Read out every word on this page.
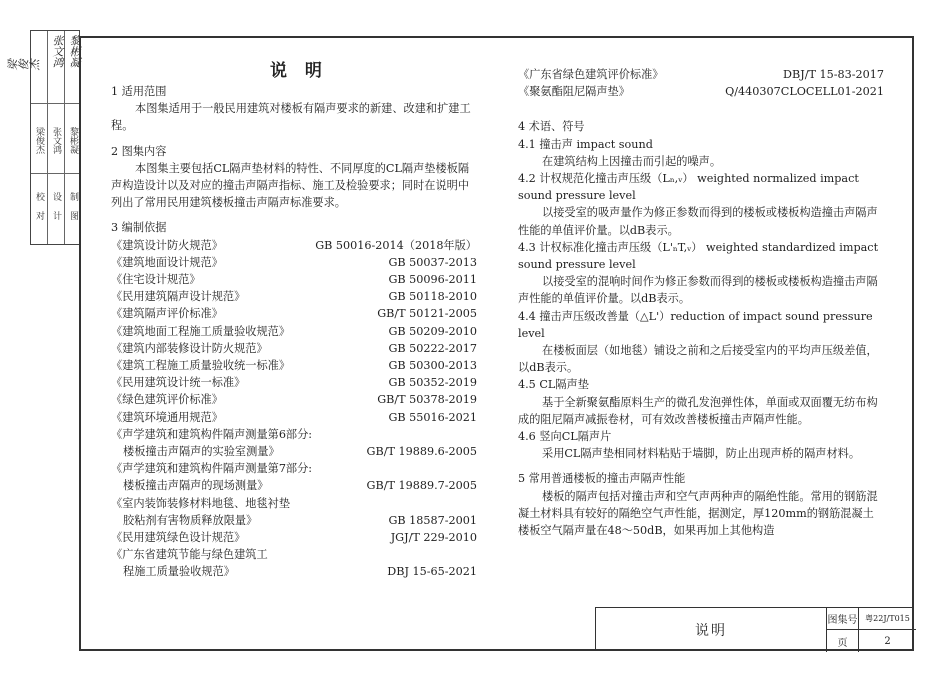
梁俊杰	张文鸿 黎彬凝
梁俊杰 张文鸿 黎彬凝
校对 设计 制图
说 明

1 适用范围

本图集适用于一般民用建筑对楼板有隔声要求的新建、改建和扩建工程。

2 图集内容

本图集主要包括CL隔声垫材料的特性、不同厚度的CL隔声垫楼板隔声构造设计以及对应的撞击声隔声指标、施工及检验要求；同时在说明中列出了常用民用建筑楼板撞击声隔声标准要求。

3 编制依据

《建筑设计防火规范》	GB 50016-2014（2018年版）
《建筑地面设计规范》	GB 50037-2013
《住宅设计规范》	GB 50096-2011
《民用建筑隔声设计规范》	GB 50118-2010
《建筑隔声评价标准》	GB/T 50121-2005
《建筑地面工程施工质量验收规范》	GB 50209-2010
《建筑内部装修设计防火规范》	GB 50222-2017
《建筑工程施工质量验收统一标准》	GB 50300-2013
《民用建筑设计统一标准》	GB 50352-2019
《绿色建筑评价标准》	GB/T 50378-2019
《建筑环境通用规范》	GB 55016-2021
《声学建筑和建筑构件隔声测量第6部分:
楼板撞击声隔声的实验室测量》	GB/T 19889.6-2005
《声学建筑和建筑构件隔声测量第7部分:
楼板撞击声隔声的现场测量》	GB/T 19889.7-2005
《室内装饰装修材料地毯、地毯衬垫
胶粘剂有害物质释放限量》	GB 18587-2001
《民用建筑绿色设计规范》	JGJ/T 229-2010
《广东省建筑节能与绿色建筑工
程施工质量验收规范》	DBJ 15-65-2021
《广东省绿色建筑评价标准》	DBJ/T 15-83-2017
《聚氨酯阻尼隔声垫》	Q/440307CLOCELL01-2021

4 术语、符号

4.1 撞击声 impact sound

在建筑结构上因撞击而引起的噪声。

4.2 计权规范化撞击声压级（Lₙ,ᵥ） weighted normalized impact sound pressure level

以接受室的吸声量作为修正参数而得到的楼板或楼板构造撞击声隔声性能的单值评价量。以dB表示。

4.3 计权标准化撞击声压级（L'ₙT,ᵥ） weighted standardized impact sound pressure level

以接受室的混响时间作为修正参数而得到的楼板或楼板构造撞击声隔声性能的单值评价量。以dB表示。

4.4 撞击声压级改善量（△L'）reduction of impact sound pressure level

在楼板面层（如地毯）铺设之前和之后接受室内的平均声压级差值，以dB表示。

4.5 CL隔声垫

基于全新聚氨酯原料生产的微孔发泡弹性体，单面或双面覆无纺布构成的阻尼隔声减振卷材，可有效改善楼板撞击声隔声性能。

4.6 竖向CL隔声片

采用CL隔声垫相同材料粘贴于墙脚，防止出现声桥的隔声材料。

5 常用普通楼板的撞击声隔声性能

楼板的隔声包括对撞击声和空气声两种声的隔绝性能。常用的钢筋混凝土材料具有较好的隔绝空气声性能，据测定，厚120mm的钢筋混凝土楼板空气隔声量在48～50dB，如果再加上其他构造

说明
图集号 粤22J/T015
页	2
